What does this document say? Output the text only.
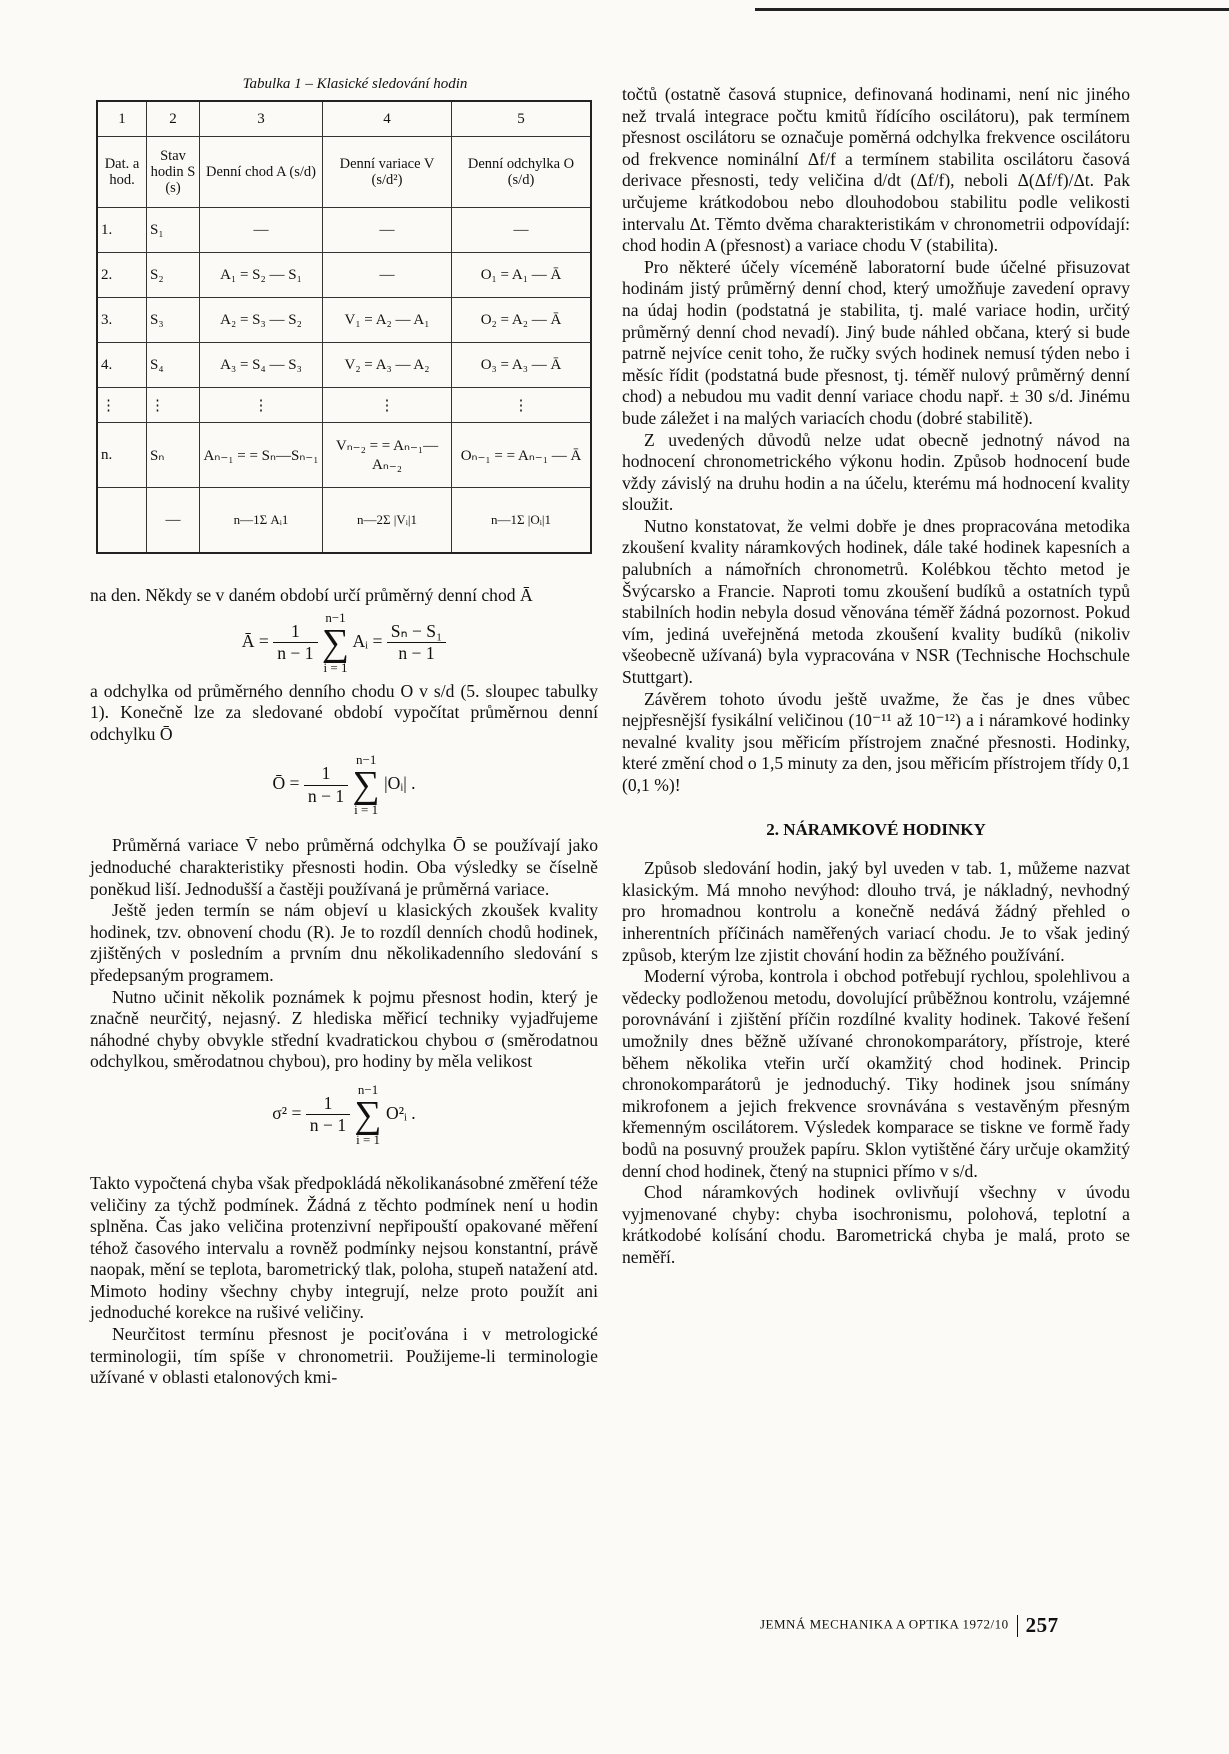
Tabulka 1 – Klasické sledování hodin
1	2	3	4	5
Dat. a hod.	Stav hodin S (s)	Denní chod A (s/d)	Denní variace V (s/d²)	Denní odchylka O (s/d)
1.	S₁	—	—	—
2.	S₂	A₁ = S₂ — S₁	—	O₁ = A₁ — Ā
3.	S₃	A₂ = S₃ — S₂	V₁ = A₂ — A₁	O₂ = A₂ — Ā
4.	S₄	A₃ = S₄ — S₃	V₂ = A₃ — A₂	O₃ = A₃ — Ā
⋮	⋮	⋮	⋮	⋮
n.	Sₙ	Aₙ₋₁ = = Sₙ—Sₙ₋₁	Vₙ₋₂ = = Aₙ₋₁—Aₙ₋₂	Oₙ₋₁ = = Aₙ₋₁ — Ā
	—	n—1Σ Aᵢ1	n—2Σ |Vᵢ|1	n—1Σ |Oᵢ|1

na den. Někdy se v daném období určí průměrný denní chod Ā

Ā = $\frac{1}{n - 1}$
n−1
∑
i = 1 Aᵢ = $\frac{\text{Sₙ − S₁}}{n - 1}$

a odchylka od průměrného denního chodu O v s/d (5. sloupec tabulky 1). Konečně lze za sledované období vypočítat průměrnou denní odchylku Ō

Ō = $\frac{1}{n - 1}$
n−1
∑
i = 1 |Oᵢ| .

Průměrná variace V̄ nebo průměrná odchylka Ō se používají jako jednoduché charakteristiky přesnosti hodin. Oba výsledky se číselně poněkud liší. Jednodušší a častěji používaná je průměrná variace.

Ještě jeden termín se nám objeví u klasických zkoušek kvality hodinek, tzv. obnovení chodu (R). Je to rozdíl denních chodů hodinek, zjištěných v posledním a prvním dnu několikadenního sledování s předepsaným programem.

Nutno učinit několik poznámek k pojmu přesnost hodin, který je značně neurčitý, nejasný. Z hlediska měřicí techniky vyjadřujeme náhodné chyby obvykle střední kvadratickou chybou σ (směrodatnou odchylkou, směrodatnou chybou), pro hodiny by měla velikost

$\sigma^2 = \frac{1}{n - 1}$
n−1
∑
i = 1 O²ᵢ .

Takto vypočtená chyba však předpokládá několikanásobné změření téže veličiny za týchž podmínek. Žádná z těchto podmínek není u hodin splněna. Čas jako veličina protenzivní nepřipouští opakované měření téhož časového intervalu a rovněž podmínky nejsou konstantní, právě naopak, mění se teplota, barometrický tlak, poloha, stupeň natažení atd. Mimoto hodiny všechny chyby integrují, nelze proto použít ani jednoduché korekce na rušivé veličiny.

Neurčitost termínu přesnost je pociťována i v metrologické terminologii, tím spíše v chronometrii. Použijeme-li terminologie užívané v oblasti etalonových kmi-

točtů (ostatně časová stupnice, definovaná hodinami, není nic jiného než trvalá integrace počtu kmitů řídícího oscilátoru), pak termínem přesnost oscilátoru se označuje poměrná odchylka frekvence oscilátoru od frekvence nominální Δf/f a termínem stabilita oscilátoru časová derivace přesnosti, tedy veličina d/dt (Δf/f), neboli Δ(Δf/f)/Δt. Pak určujeme krátkodobou nebo dlouhodobou stabilitu podle velikosti intervalu Δt. Těmto dvěma charakteristikám v chronometrii odpovídají: chod hodin A (přesnost) a variace chodu V (stabilita).

Pro některé účely víceméně laboratorní bude účelné přisuzovat hodinám jistý průměrný denní chod, který umožňuje zavedení opravy na údaj hodin (podstatná je stabilita, tj. malé variace hodin, určitý průměrný denní chod nevadí). Jiný bude náhled občana, který si bude patrně nejvíce cenit toho, že ručky svých hodinek nemusí týden nebo i měsíc řídit (podstatná bude přesnost, tj. téměř nulový průměrný denní chod) a nebudou mu vadit denní variace chodu např. ± 30 s/d. Jinému bude záležet i na malých variacích chodu (dobré stabilitě).

Z uvedených důvodů nelze udat obecně jednotný návod na hodnocení chronometrického výkonu hodin. Způsob hodnocení bude vždy závislý na druhu hodin a na účelu, kterému má hodnocení kvality sloužit.

Nutno konstatovat, že velmi dobře je dnes propracována metodika zkoušení kvality náramkových hodinek, dále také hodinek kapesních a palubních a námořních chronometrů. Kolébkou těchto metod je Švýcarsko a Francie. Naproti tomu zkoušení budíků a ostatních typů stabilních hodin nebyla dosud věnována téměř žádná pozornost. Pokud vím, jediná uveřejněná metoda zkoušení kvality budíků (nikoliv všeobecně užívaná) byla vypracována v NSR (Technische Hochschule Stuttgart).

Závěrem tohoto úvodu ještě uvažme, že čas je dnes vůbec nejpřesnější fysikální veličinou (10⁻¹¹ až 10⁻¹²) a i náramkové hodinky nevalné kvality jsou měřicím přístrojem značné přesnosti. Hodinky, které změní chod o 1,5 minuty za den, jsou měřicím přístrojem třídy 0,1 (0,1 %)!

2. NÁRAMKOVÉ HODINKY

Způsob sledování hodin, jaký byl uveden v tab. 1, můžeme nazvat klasickým. Má mnoho nevýhod: dlouho trvá, je nákladný, nevhodný pro hromadnou kontrolu a konečně nedává žádný přehled o inherentních příčinách naměřených variací chodu. Je to však jediný způsob, kterým lze zjistit chování hodin za běžného používání.

Moderní výroba, kontrola i obchod potřebují rychlou, spolehlivou a vědecky podloženou metodu, dovolující průběžnou kontrolu, vzájemné porovnávání i zjištění příčin rozdílné kvality hodinek. Takové řešení umožnily dnes běžně užívané chronokomparátory, přístroje, které během několika vteřin určí okamžitý chod hodinek. Princip chronokomparátorů je jednoduchý. Tiky hodinek jsou snímány mikrofonem a jejich frekvence srovnávána s vestavěným přesným křemenným oscilátorem. Výsledek komparace se tiskne ve formě řady bodů na posuvný proužek papíru. Sklon vytištěné čáry určuje okamžitý denní chod hodinek, čtený na stupnici přímo v s/d.

Chod náramkových hodinek ovlivňují všechny v úvodu vyjmenované chyby: chyba isochronismu, polohová, teplotní a krátkodobé kolísání chodu. Barometrická chyba je malá, proto se neměří.

JEMNÁ MECHANIKA A OPTIKA 1972/10 257
